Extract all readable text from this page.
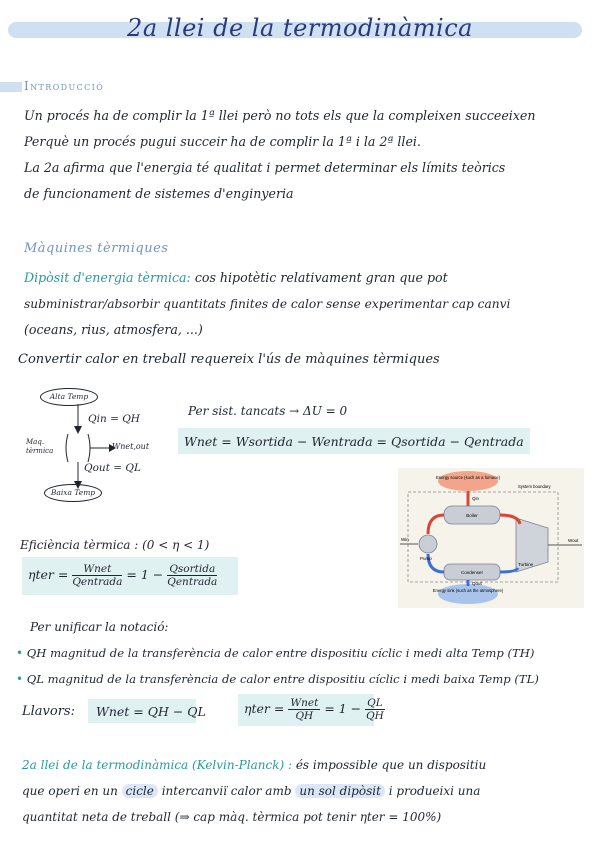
2a llei de la termodinàmica
Introducció
Un procés ha de complir la 1ª llei però no tots els que la compleixen succeeixen
Perquè un procés pugui succeir ha de complir la 1ª i la 2ª llei.
La 2a afirma que l'energia té qualitat i permet determinar els límits teòrics
de funcionament de sistemes d'enginyeria
Màquines tèrmiques
Dipòsit d'energia tèrmica: cos hipotètic relativament gran que pot
subministrar/absorbir quantitats finites de calor sense experimentar cap canvi
(oceans, rius, atmosfera, ...)
Convertir calor en treball requereix l'ús de màquines tèrmiques
Alta Temp
Baixa Temp
Qin = QH
Wnet,out
Qout = QL
Maq. tèrmica
Per sist. tancats → ΔU = 0
Wnet = Wsortida − Wentrada = Qsortida − Qentrada
Energy source (such as a furnace)
System boundary
Boiler
Condenser
Pump
Turbine
Energy sink (such as the atmosphere)
Qin
Qout
Win	Wout
Eficiència tèrmica : (0 < η < 1)
$\eta ter = \frac{\text{Wnet}}{\text{Qentrada}} = 1 - \frac{\text{Qsortida}}{\text{Qentrada}}$
Per unificar la notació:
• QH magnitud de la transferència de calor entre dispositiu cíclic i medi alta Temp (TH)
• QL magnitud de la transferència de calor entre dispositiu cíclic i medi baixa Temp (TL)
Llavors: Wnet = QH − QL	$\eta ter = \frac{\text{Wnet}}{QH} = 1 - \frac{QL}{QH}$
2a llei de la termodinàmica (Kelvin-Planck) : és impossible que un dispositiu
que operi en un cicle intercanviï calor amb un sol dipòsit i produeixi una
quantitat neta de treball (⇒ cap màq. tèrmica pot tenir ηter = 100%)
